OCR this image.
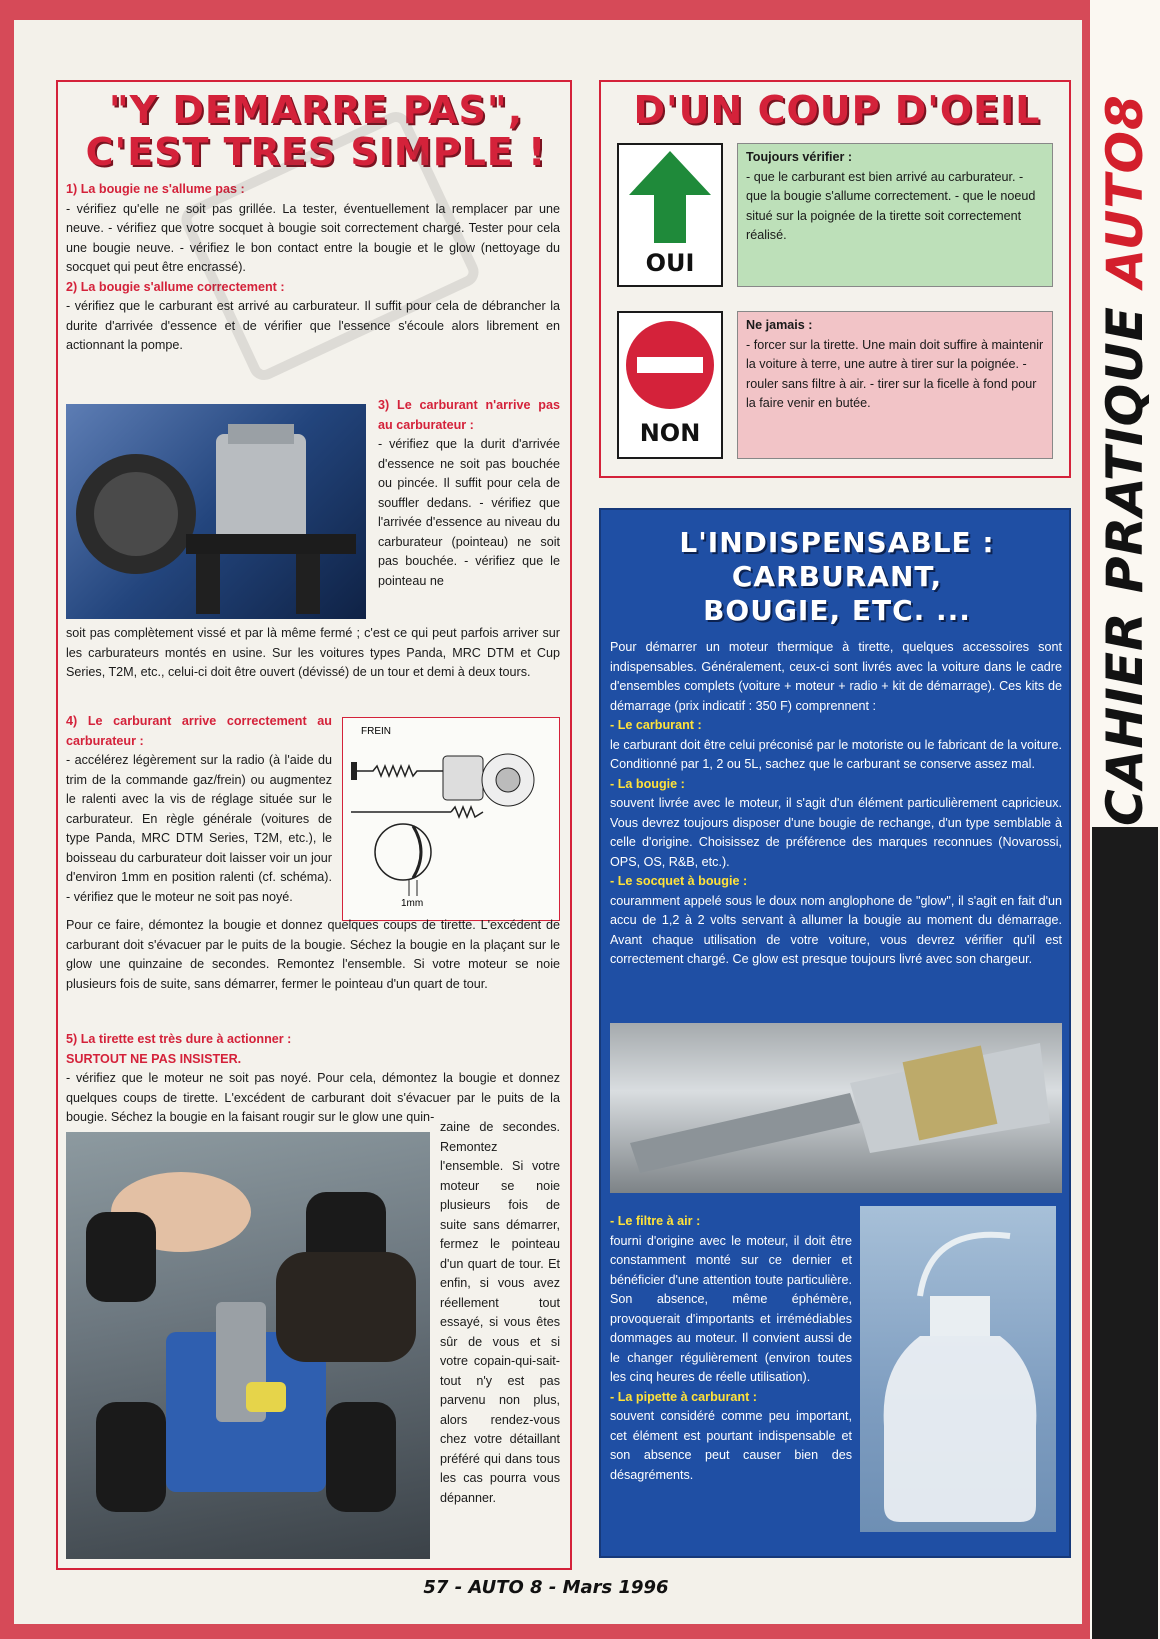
CAHIER PRATIQUE AUTO8
"Y DEMARRE PAS",
C'EST TRES SIMPLE !
1) La bougie ne s'allume pas :
- vérifiez qu'elle ne soit pas grillée. La tester, éventuellement la remplacer par une neuve. - vérifiez que votre socquet à bougie soit correctement chargé. Tester pour cela une bougie neuve. - vérifiez le bon contact entre la bougie et le glow (nettoyage du socquet qui peut être encrassé).
2) La bougie s'allume correctement :
- vérifiez que le carburant est arrivé au carburateur. Il suffit pour cela de débrancher la durite d'arrivée d'essence et de vérifier que l'essence s'écoule alors librement en actionnant la pompe.
3) Le carburant n'arrive pas au carburateur :
- vérifiez que la durit d'arrivée d'essence ne soit pas bouchée ou pincée. Il suffit pour cela de souffler dedans. - vérifiez que l'arrivée d'essence au niveau du carburateur (pointeau) ne soit pas bouchée. - vérifiez que le pointeau ne
soit pas complètement vissé et par là même fermé ; c'est ce qui peut parfois arriver sur les carburateurs montés en usine. Sur les voitures types Panda, MRC DTM et Cup Series, T2M, etc., celui-ci doit être ouvert (dévissé) de un tour et demi à deux tours.
4) Le carburant arrive correctement au carburateur :
- accélérez légèrement sur la radio (à l'aide du trim de la commande gaz/frein) ou augmentez le ralenti avec la vis de réglage située sur le carburateur. En règle générale (voitures de type Panda, MRC DTM Series, T2M, etc.), le boisseau du carburateur doit laisser voir un jour d'environ 1mm en position ralenti (cf. schéma). - vérifiez que le moteur ne soit pas noyé.
FREIN
1mm
Pour ce faire, démontez la bougie et donnez quelques coups de tirette. L'excédent de carburant doit s'évacuer par le puits de la bougie. Séchez la bougie en la plaçant sur le glow une quinzaine de secondes. Remontez l'ensemble. Si votre moteur se noie plusieurs fois de suite, sans démarrer, fermer le pointeau d'un quart de tour.
5) La tirette est très dure à actionner :
SURTOUT NE PAS INSISTER.
- vérifiez que le moteur ne soit pas noyé. Pour cela, démontez la bougie et donnez quelques coups de tirette. L'excédent de carburant doit s'évacuer par le puits de la bougie. Séchez la bougie en la faisant rougir sur le glow une quin-
zaine de secondes. Remontez l'ensemble. Si votre moteur se noie plusieurs fois de suite sans démarrer, fermez le pointeau d'un quart de tour. Et enfin, si vous avez réellement tout essayé, si vous êtes sûr de vous et si votre copain-qui-sait-tout n'y est pas parvenu non plus, alors rendez-vous chez votre détaillant préféré qui dans tous les cas pourra vous dépanner.
D'UN COUP D'OEIL
OUI
Toujours vérifier :
- que le carburant est bien arrivé au carburateur. - que la bougie s'allume correctement. - que le noeud situé sur la poignée de la tirette soit correctement réalisé.
NON
Ne jamais :
- forcer sur la tirette. Une main doit suffire à maintenir la voiture à terre, une autre à tirer sur la poignée. - rouler sans filtre à air. - tirer sur la ficelle à fond pour la faire venir en butée.
L'INDISPENSABLE :
CARBURANT,
BOUGIE, ETC. ...
Pour démarrer un moteur thermique à tirette, quelques accessoires sont indispensables. Généralement, ceux-ci sont livrés avec la voiture dans le cadre d'ensembles complets (voiture + moteur + radio + kit de démarrage). Ces kits de démarrage (prix indicatif : 350 F) comprennent :
- Le carburant :
le carburant doit être celui préconisé par le motoriste ou le fabricant de la voiture. Conditionné par 1, 2 ou 5L, sachez que le carburant se conserve assez mal.
- La bougie :
souvent livrée avec le moteur, il s'agit d'un élément particulièrement capricieux. Vous devrez toujours disposer d'une bougie de rechange, d'un type semblable à celle d'origine. Choisissez de préférence des marques reconnues (Novarossi, OPS, OS, R&B, etc.).
- Le socquet à bougie :
couramment appelé sous le doux nom anglophone de "glow", il s'agit en fait d'un accu de 1,2 à 2 volts servant à allumer la bougie au moment du démarrage. Avant chaque utilisation de votre voiture, vous devrez vérifier qu'il est correctement chargé. Ce glow est presque toujours livré avec son chargeur.
- Le filtre à air :
fourni d'origine avec le moteur, il doit être constamment monté sur ce dernier et bénéficier d'une attention toute particulière. Son absence, même éphémère, provoquerait d'importants et irrémédiables dommages au moteur. Il convient aussi de le changer régulièrement (environ toutes les cinq heures de réelle utilisation).
- La pipette à carburant :
souvent considéré comme peu important, cet élément est pourtant indispensable et son absence peut causer bien des désagréments.
57 - AUTO 8 - Mars 1996
